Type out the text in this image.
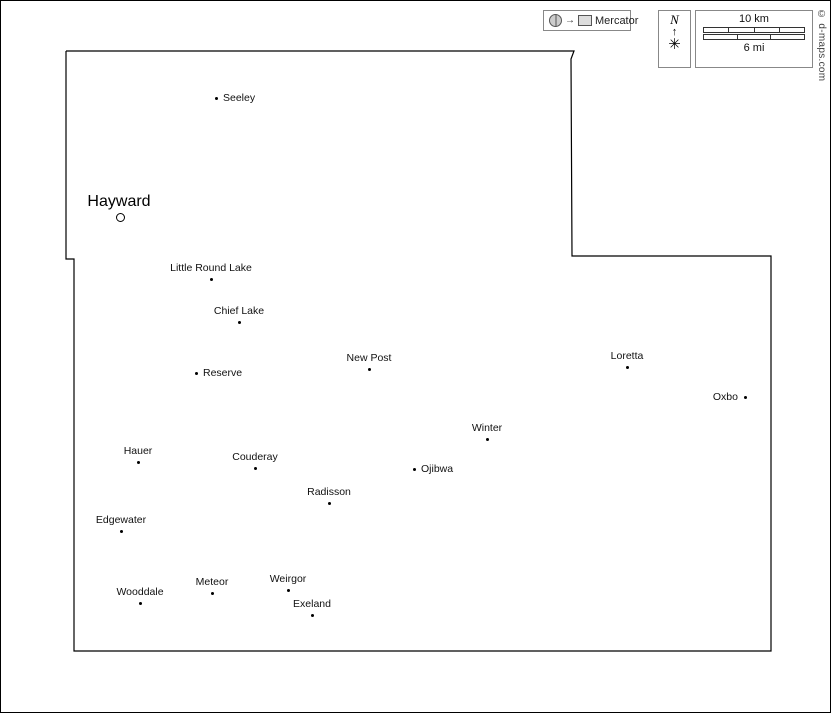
Seeley
Hayward
Little Round Lake
Chief Lake
New Post	Loretta
Reserve
Oxbo
Winter
Hauer	Couderay
Ojibwa
Radisson
Edgewater
Weirgor
Meteor
Wooddale
Exeland
→ Mercator	N
↑
✳
10 km
6 mi	© d-maps.com
